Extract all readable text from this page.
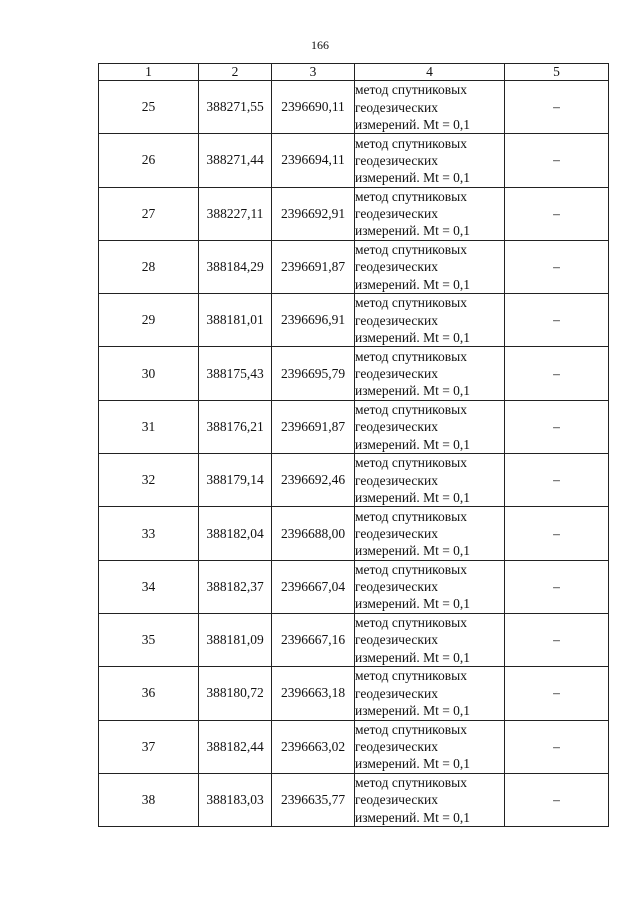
166
1	2	3	4	5
25	388271,55	2396690,11	метод спутниковых
геодезических
измерений. Mt = 0,1	–
26	388271,44	2396694,11	метод спутниковых
геодезических
измерений. Mt = 0,1	–
27	388227,11	2396692,91	метод спутниковых
геодезических
измерений. Mt = 0,1	–
28	388184,29	2396691,87	метод спутниковых
геодезических
измерений. Mt = 0,1	–
29	388181,01	2396696,91	метод спутниковых
геодезических
измерений. Mt = 0,1	–
30	388175,43	2396695,79	метод спутниковых
геодезических
измерений. Mt = 0,1	–
31	388176,21	2396691,87	метод спутниковых
геодезических
измерений. Mt = 0,1	–
32	388179,14	2396692,46	метод спутниковых
геодезических
измерений. Mt = 0,1	–
33	388182,04	2396688,00	метод спутниковых
геодезических
измерений. Mt = 0,1	–
34	388182,37	2396667,04	метод спутниковых
геодезических
измерений. Mt = 0,1	–
35	388181,09	2396667,16	метод спутниковых
геодезических
измерений. Mt = 0,1	–
36	388180,72	2396663,18	метод спутниковых
геодезических
измерений. Mt = 0,1	–
37	388182,44	2396663,02	метод спутниковых
геодезических
измерений. Mt = 0,1	–
38	388183,03	2396635,77	метод спутниковых
геодезических
измерений. Mt = 0,1	–
